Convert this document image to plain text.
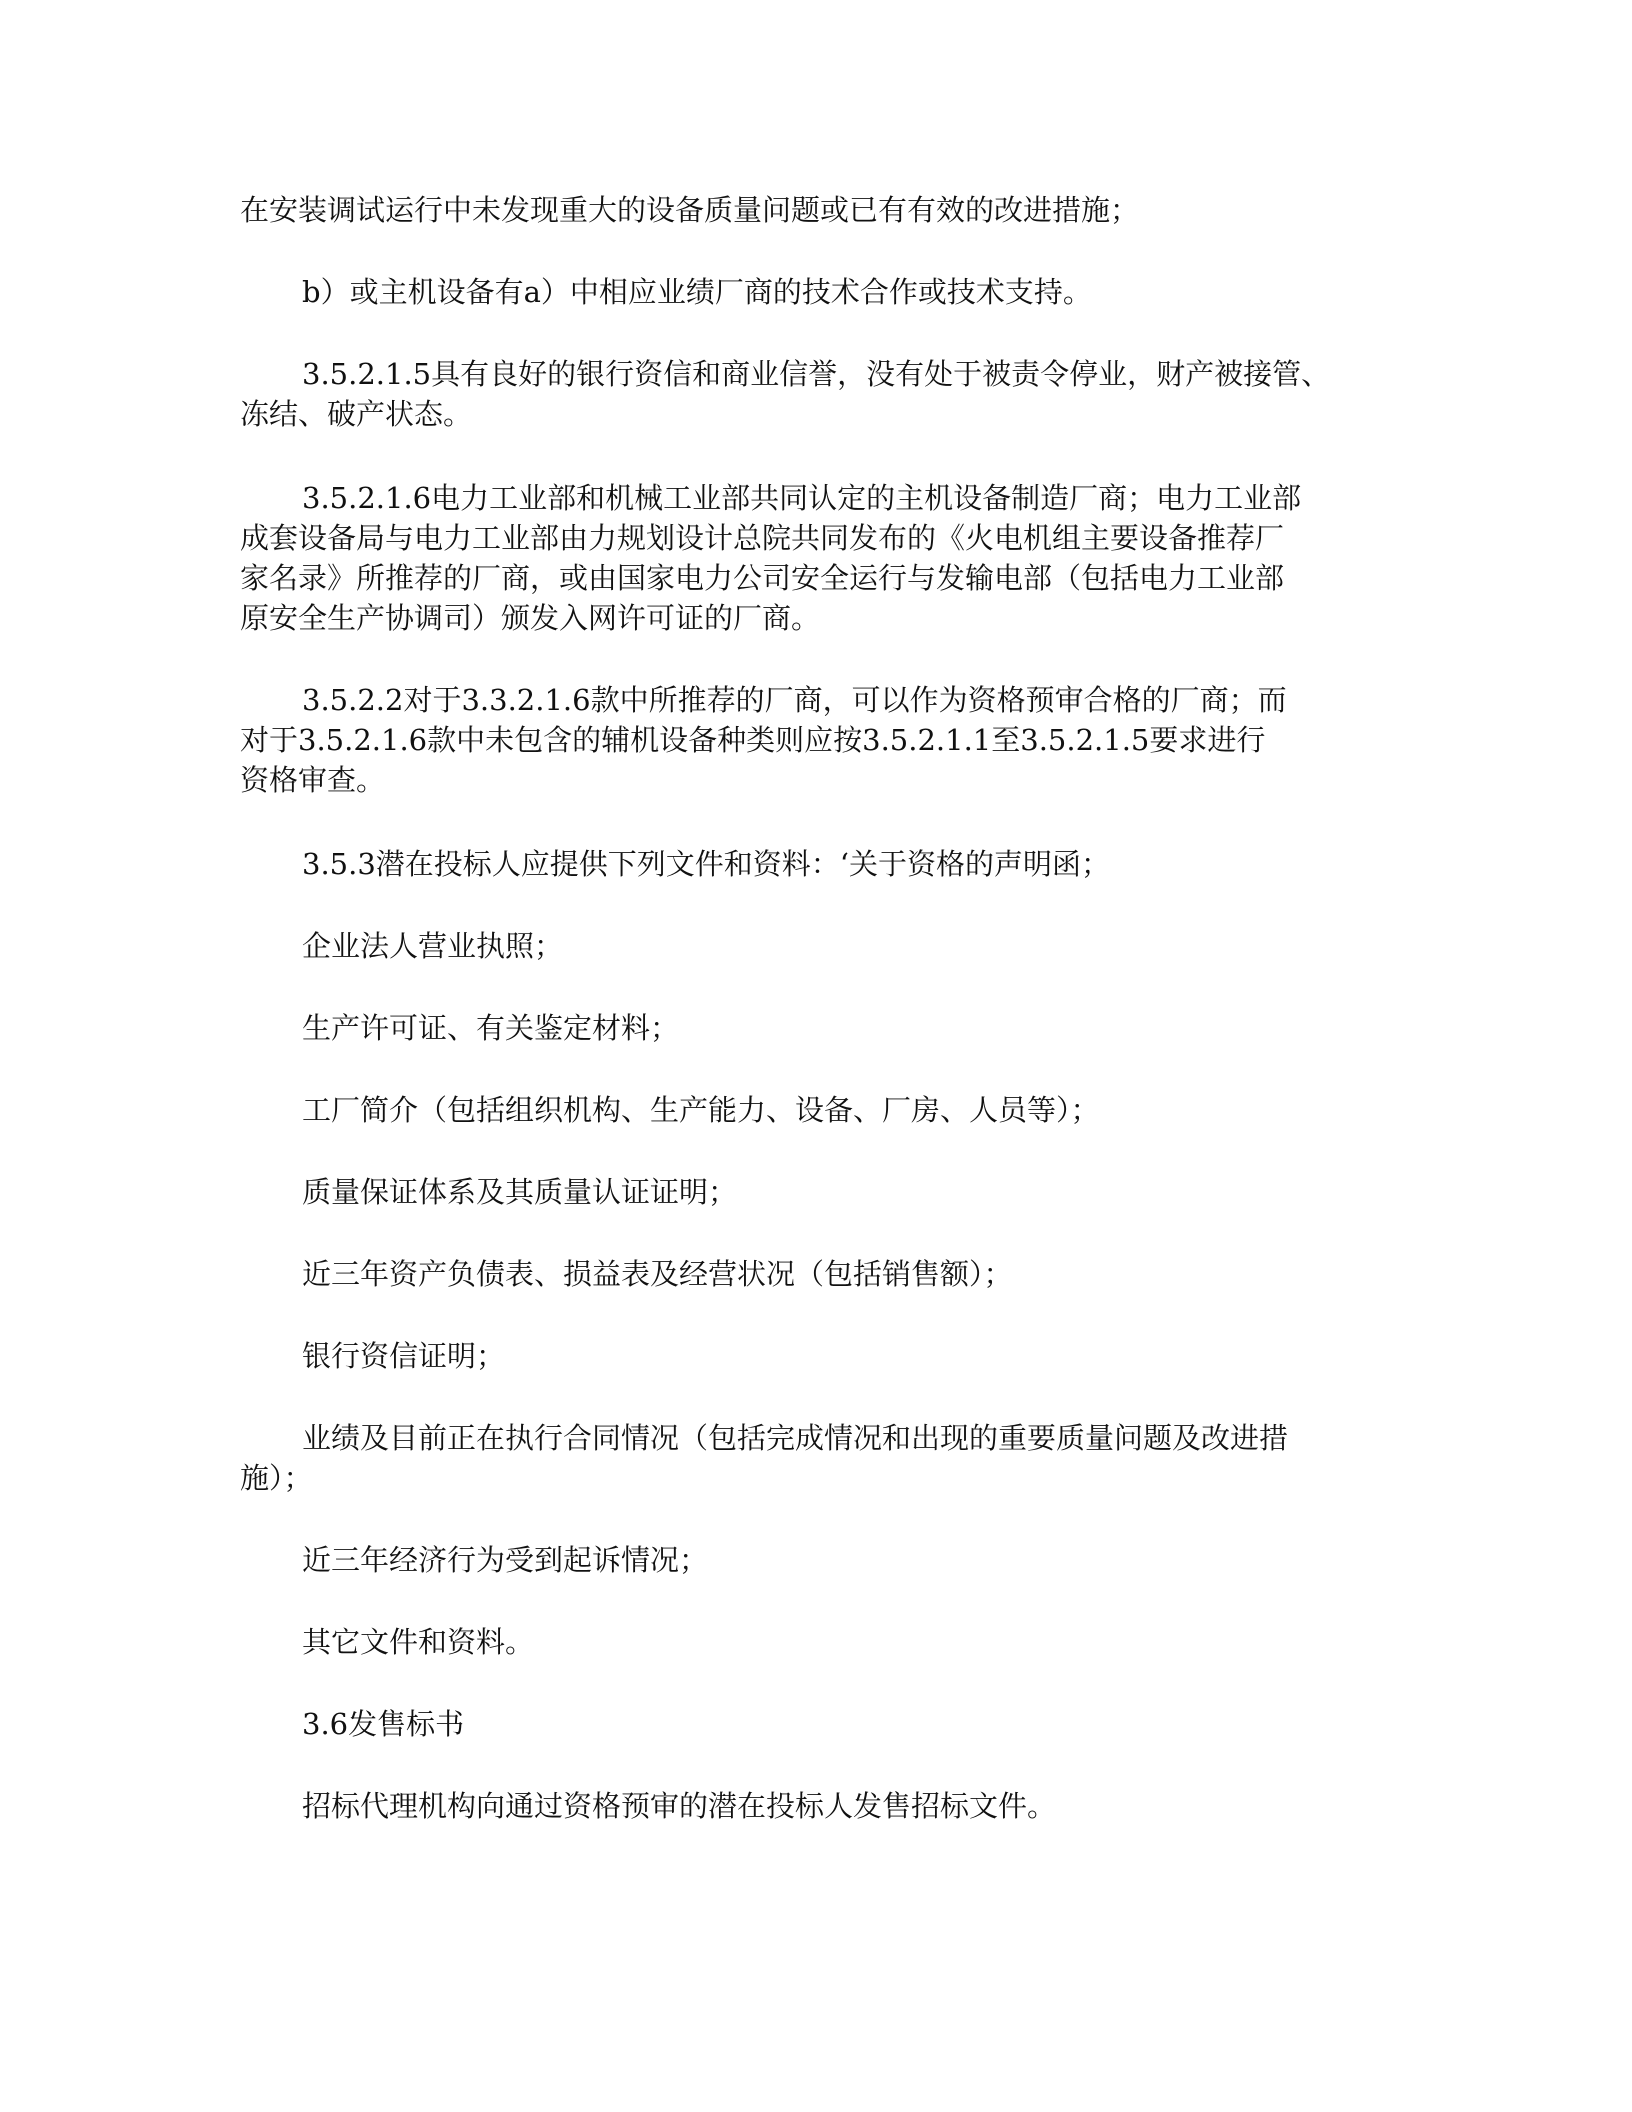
在安装调试运行中未发现重大的设备质量问题或已有有效的改进措施；
b）或主机设备有a）中相应业绩厂商的技术合作或技术支持。
3.5.2.1.5具有良好的银行资信和商业信誉，没有处于被责令停业，财产被接管、
冻结、破产状态。
3.5.2.1.6电力工业部和机械工业部共同认定的主机设备制造厂商；电力工业部
成套设备局与电力工业部由力规划设计总院共同发布的《火电机组主要设备推荐厂
家名录》所推荐的厂商，或由国家电力公司安全运行与发输电部（包括电力工业部
原安全生产协调司）颁发入网许可证的厂商。
3.5.2.2对于3.3.2.1.6款中所推荐的厂商，可以作为资格预审合格的厂商；而
对于3.5.2.1.6款中未包含的辅机设备种类则应按3.5.2.1.1至3.5.2.1.5要求进行
资格审查。
3.5.3潜在投标人应提供下列文件和资料：‘关于资格的声明函；
企业法人营业执照；
生产许可证、有关鉴定材料；
工厂简介（包括组织机构、生产能力、设备、厂房、人员等）；
质量保证体系及其质量认证证明；
近三年资产负债表、损益表及经营状况（包括销售额）；
银行资信证明；
业绩及目前正在执行合同情况（包括完成情况和出现的重要质量问题及改进措
施）；
近三年经济行为受到起诉情况；
其它文件和资料。
3.6发售标书
招标代理机构向通过资格预审的潜在投标人发售招标文件。
